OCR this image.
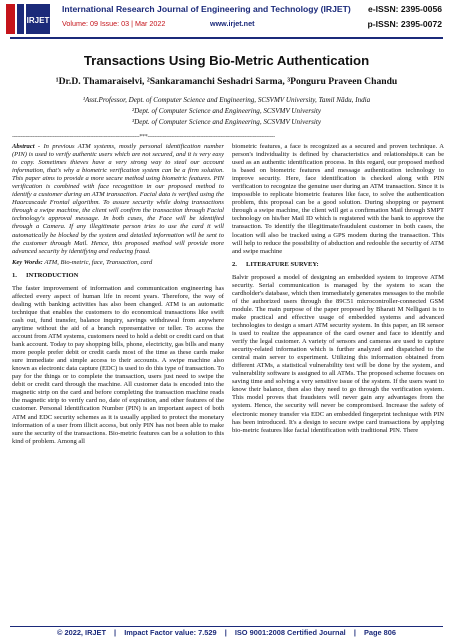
IRJET
International Research Journal of Engineering and Technology (IRJET) e-ISSN: 2395-0056
Volume: 09 Issue: 03 | Mar 2022	www.irjet.net	p-ISSN: 2395-0072
Transactions Using Bio-Metric Authentication
¹Dr.D. Thamaraiselvi, ²Sankaramanchi Seshadri Sarma, ³Ponguru Praveen Chandu
¹Asst.Professor, Dept. of Computer Science and Engineering, SCSVMV University, Tamil Nādu, India
²Dept. of Computer Science and Engineering, SCSVMV University
³Dept. of Computer Science and Engineering, SCSVMV University
---------------------------------------------------------------------------***---------------------------------------------------------------------------

Abstract - In previous ATM systems, mostly personal identification number (PIN) is used to verify authentic users which are not secured, and it is very easy to copy. Sometimes thieves have a very strong way to steal our account information, that's why a biometric verification system can be a firm solution. This paper aims to provide a more secure method using biometric features. PIN verification is combined with face recognition in our proposed method to identify a customer during an ATM transaction. Facial data is verified using the Haarcascade Frontal algorithm. To assure security while doing transactions through a swipe machine, the client will confirm the transaction through Facial technology's approval message. In both cases, the Face will be identified through a Camera. If any illegitimate person tries to use the card it will automatically be blocked by the system and detailed information will be sent to the customer through Mail. Hence, this proposed method will provide more advanced security by identifying and reducing fraud.

Key Words: ATM, Bio-metric, face, Transaction, card

1. INTRODUCTION

The faster improvement of information and communication engineering has affected every aspect of human life in recent years. Therefore, the way of dealing with banking activities has also been changed. ATM is an automatic technique that enables the customers to do economical transactions like swift cash out, fund transfer, balance inquiry, savings withdrawal from anywhere anytime without the aid of a branch representative or teller. To access the account from ATM systems, customers need to hold a debit or credit card on that bank account. Today to pay shopping bills, phone, electricity, gas bills and many more people prefer debit or credit cards most of the time as these cards make sure immediate and simple access to their accounts. A swipe machine also known as electronic data capture (EDC) is used to do this type of transaction. To pay for the things or to complete the transaction, users just need to swipe the debit or credit card through the machine. All customer data is encoded into the magnetic strip on the card and before completing the transaction machine reads the magnetic strip to verify card no, date of expiration, and other features of the customer. Personal Identification Number (PIN) is an important aspect of both ATM and EDC security schemes as it is usually applied to protect the monetary information of a user from illicit access, but only PIN has not been able to make sure the security of the transactions. Bio-metric features can be a solution to this kind of problem. Among all

biometric features, a face is recognized as a secured and proven technique. A person's individuality is defined by characteristics and relationships.it can be used as an authentic identification process. In this regard, our proposed method is based on biometric features and message authentication technology to improve security. Here, face identification is checked along with PIN verification to recognize the genuine user during an ATM transaction. Since it is impossible to replicate biometric features like face, to solve the authentication problem, this proposal can be a good solution. During shopping or payment through a swipe machine, the client will get a confirmation Mail through SMPT technology on his/her Mail ID which is registered with the bank to approve the transaction. To identify the illegitimate/fraudulent customer in both cases, the location will also be tracked using a GPS modem during the transaction. This will help to reduce the possibility of abduction and redouble the security of ATM and swipe machine

2. LITERATURE SURVEY:

Balvir proposed a model of designing an embedded system to improve ATM security. Serial communication is managed by the system to scan the cardholder's database, which then immediately generates messages to the mobile of the authorized users through the 89C51 microcontroller-connected GSM module. The main purpose of the paper proposed by Bharati M Nelligani is to make practical and effective usage of embedded systems and advanced technologies to design a smart ATM security system. In this paper, an IR sensor is used to realize the appearance of the card owner and face to identify and verify the legal customer. A variety of sensors and cameras are used to capture security-related information which is further analyzed and dispatched to the central main server to experiment. Utilizing this information obtained from different ATMs, a statistical vulnerability test will be done by the system, and vulnerability software is assigned to all ATMs. The proposed scheme focuses on saving time and solving a very sensitive issue of the system. If the users want to know their balance, then also they need to go through the verification system. This model proves that fraudsters will never gain any advantages from the system. Hence, the security will never be compromised. Increase the safety of electronic money transfer via EDC an embedded fingerprint technique with PIN has been introduced. It's a design to secure swipe card transactions by applying bio-metric features like facial identification with traditional PIN. There

© 2022, IRJET | Impact Factor value: 7.529 | ISO 9001:2008 Certified Journal | Page 806
